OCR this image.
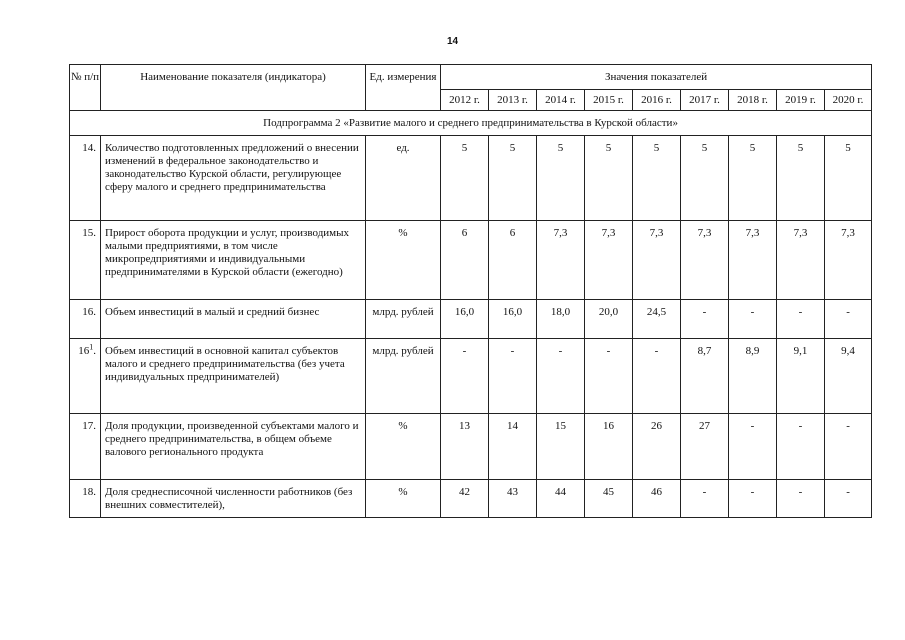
14
№ п/п	Наименование показателя (индикатора)	Ед. измерения	Значения показателей								
			2012 г.	2013 г.	2014 г.	2015 г.	2016 г.	2017 г.	2018 г.	2019 г.	2020 г.
Подпрограмма 2 «Развитие малого и среднего предпринимательства в Курской области»											
14.	Количество подготовленных предложений о внесении изменений в федеральное законодательство и законодательство Курской области, регулирующее сферу малого и среднего предпринимательства	ед.	5	5	5	5	5	5	5	5	5
15.	Прирост оборота продукции и услуг, производимых малыми предприятиями, в том числе микропредприятиями и индивидуальными предпринимателями в Курской области (ежегодно)	%	6	6	7,3	7,3	7,3	7,3	7,3	7,3	7,3
16.	Объем инвестиций в малый и средний бизнес	млрд. рублей	16,0	16,0	18,0	20,0	24,5	-	-	-	-
$16^1$.	Объем инвестиций в основной капитал субъектов малого и среднего предпринимательства (без учета индивидуальных предпринимателей)	млрд. рублей	-	-	-	-	-	8,7	8,9	9,1	9,4
17.	Доля продукции, произведенной субъектами малого и среднего предпринимательства, в общем объеме валового регионального продукта	%	13	14	15	16	26	27	-	-	-
18.	Доля среднесписочной численности работников (без внешних совместителей),	%	42	43	44	45	46	-	-	-	-
